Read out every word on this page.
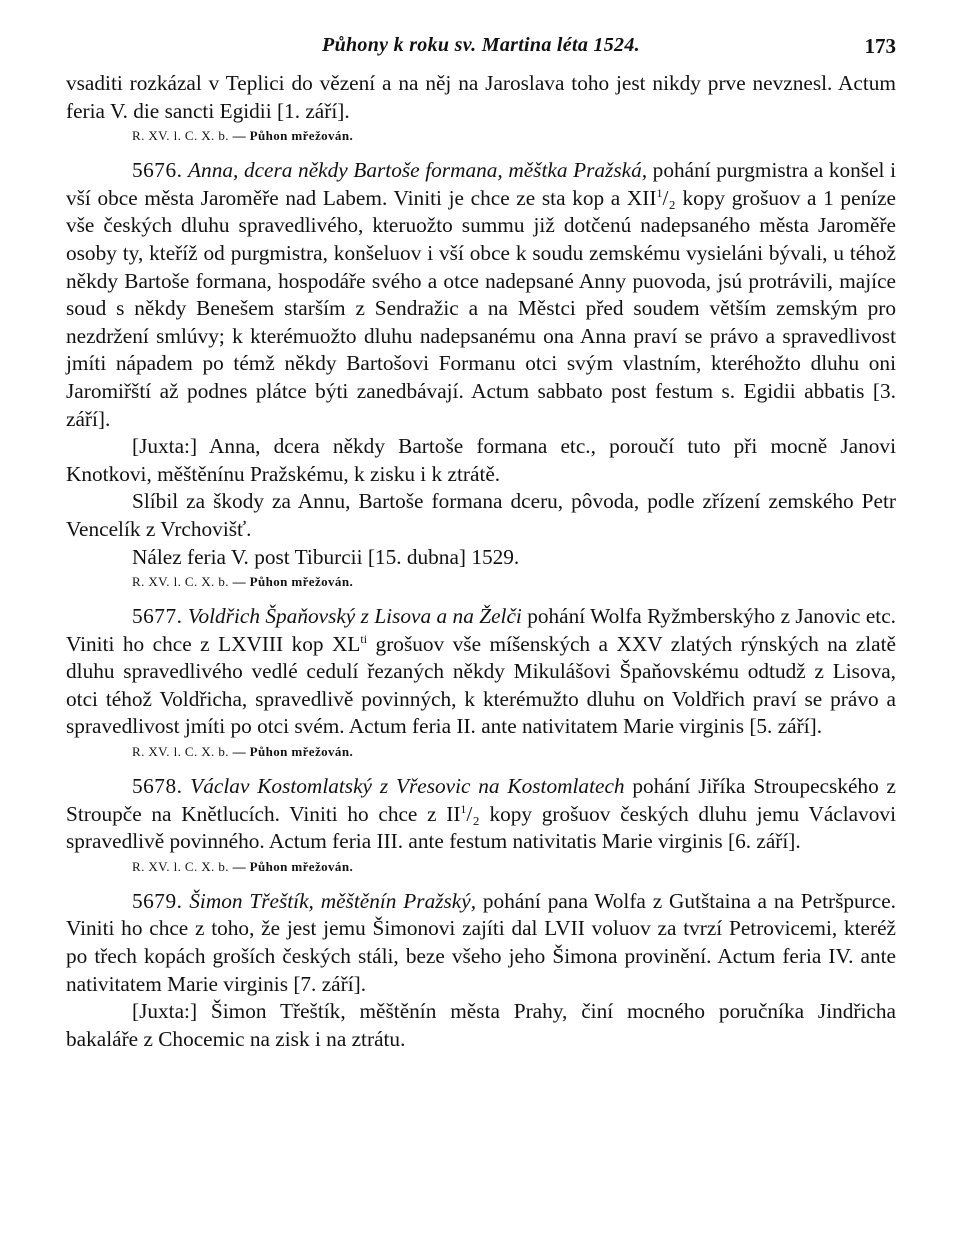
Půhony k roku sv. Martina léta 1524.	173

vsaditi rozkázal v Teplici do vězení a na něj na Jaroslava toho jest nikdy prve nevznesl. Actum feria V. die sancti Egidii [1. září].

R. XV. l. C. X. b. — Půhon mřežován.

5676. Anna, dcera někdy Bartoše formana, měštka Pražská, pohání purgmistra a konšel i vší obce města Jaroměře nad Labem. Viniti je chce ze sta kop a XII$^1$/₂ kopy grošuov a 1 peníze vše českých dluhu spravedlivého, kteruožto summu již dotčenú nadepsaného města Jaroměře osoby ty, kteříž od purgmistra, konšeluov i vší obce k soudu zemskému vysieláni bývali, u téhož někdy Bartoše formana, hospodáře svého a otce nadepsané Anny puovoda, jsú protrávili, majíce soud s někdy Benešem starším z Sendražic a na Městci před soudem větším zemským pro nezdržení smlúvy; k kterémuožto dluhu nadepsanému ona Anna praví se právo a spravedlivost jmíti nápadem po témž někdy Bartošovi Formanu otci svým vlastním, kteréhožto dluhu oni Jaromiřští až podnes plátce býti zanedbávají. Actum sabbato post festum s. Egidii abbatis [3. září].

[Juxta:] Anna, dcera někdy Bartoše formana etc., poroučí tuto při mocně Janovi Knotkovi, měštěnínu Pražskému, k zisku i k ztrátě.

Slíbil za škody za Annu, Bartoše formana dceru, pôvoda, podle zřízení zemského Petr Vencelík z Vrchovišť.

Nález feria V. post Tiburcii [15. dubna] 1529.

R. XV. l. C. X. b. — Půhon mřežován.

5677. Voldřich Špaňovský z Lisova a na Želči pohání Wolfa Ryžmberskýho z Janovic etc. Viniti ho chce z LXVIII kop $XL^{ti}$ grošuov vše míšenských a XXV zlatých rýnských na zlatě dluhu spravedlivého vedlé cedulí řezaných někdy Mikulášovi Špaňovskému odtudž z Lisova, otci téhož Voldřicha, spravedlivě povinných, k kterémužto dluhu on Voldřich praví se právo a spravedlivost jmíti po otci svém. Actum feria II. ante nativitatem Marie virginis [5. září].

R. XV. l. C. X. b. — Půhon mřežován.

5678. Václav Kostomlatský z Vřesovic na Kostomlatech pohání Jiříka Stroupecského z Stroupče na Knětlucích. Viniti ho chce z $II^1/_2$ kopy grošuov českých dluhu jemu Václavovi spravedlivě povinného. Actum feria III. ante festum nativitatis Marie virginis [6. září].

R. XV. l. C. X. b. — Půhon mřežován.

5679. Šimon Třeštík, měštěnín Pražský, pohání pana Wolfa z Gutštaina a na Petršpurce. Viniti ho chce z toho, že jest jemu Šimonovi zajíti dal LVII voluov za tvrzí Petrovicemi, kteréž po třech kopách groších českých stáli, beze všeho jeho Šimona provinění. Actum feria IV. ante nativitatem Marie virginis [7. září].

[Juxta:] Šimon Třeštík, měštěnín města Prahy, činí mocného poručníka Jindřicha bakaláře z Chocemic na zisk i na ztrátu.
